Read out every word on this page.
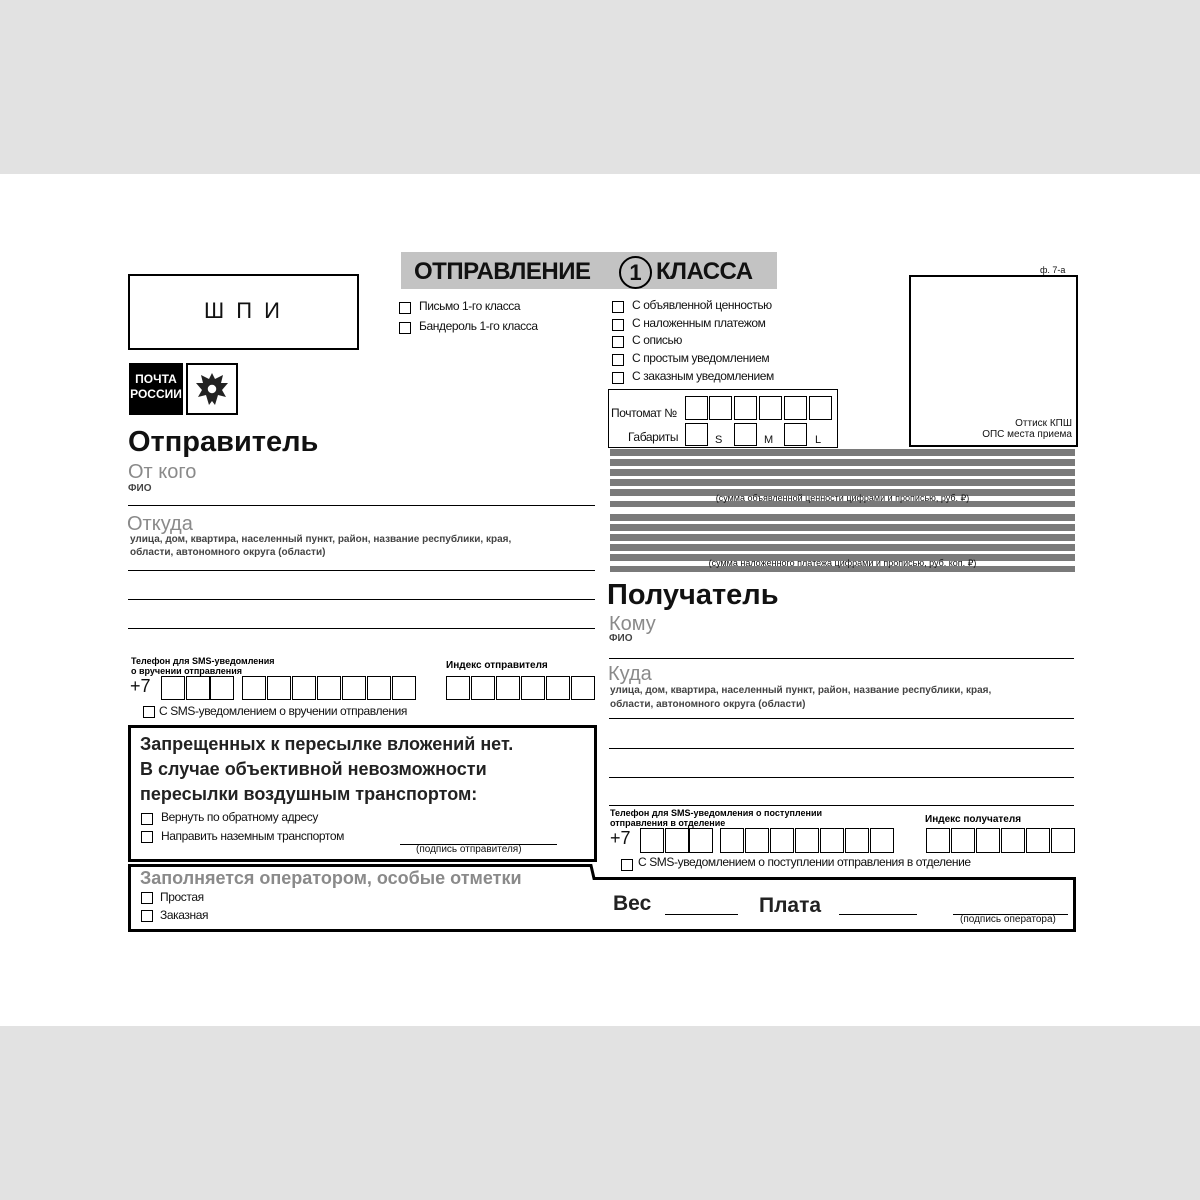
ОТПРАВЛЕНИЕ	1 КЛАССА	ф. 7-а
Ш П И
ПОЧТА
РОССИИ
Письмо 1-го класса
Бандероль 1-го класса
С объявленной ценностью
С наложенным платежом
С описью
С простым уведомлением
С заказным уведомлением
Почтомат №
Габариты	S	M	L
Оттиск КПШ
ОПС места приема
(сумма объявленной ценности цифрами и прописью, руб. ₽)
(сумма наложенного платежа цифрами и прописью, руб. коп. ₽)
Отправитель
От кого
ФИО
Откуда
улица, дом, квартира, населенный пункт, район, название республики, края,
области, автономного округа (области)
Телефон для SMS-уведомления
о вручении отправления
+7
Индекс отправителя
С SMS-уведомлением о вручении отправления
Запрещенных к пересылке вложений нет.
В случае объективной невозможности
пересылки воздушным транспортом:
Вернуть по обратному адресу
Направить наземным транспортом
(подпись отправителя)
Получатель
Кому
ФИО
Куда
улица, дом, квартира, населенный пункт, район, название республики, края,
области, автономного округа (области)
Телефон для SMS-уведомления о поступлении
отправления в отделение
+7
Индекс получателя
С SMS-уведомлением о поступлении отправления в отделение
Заполняется оператором, особые отметки
Простая
Заказная	Вес	Плата
(подпись оператора)
